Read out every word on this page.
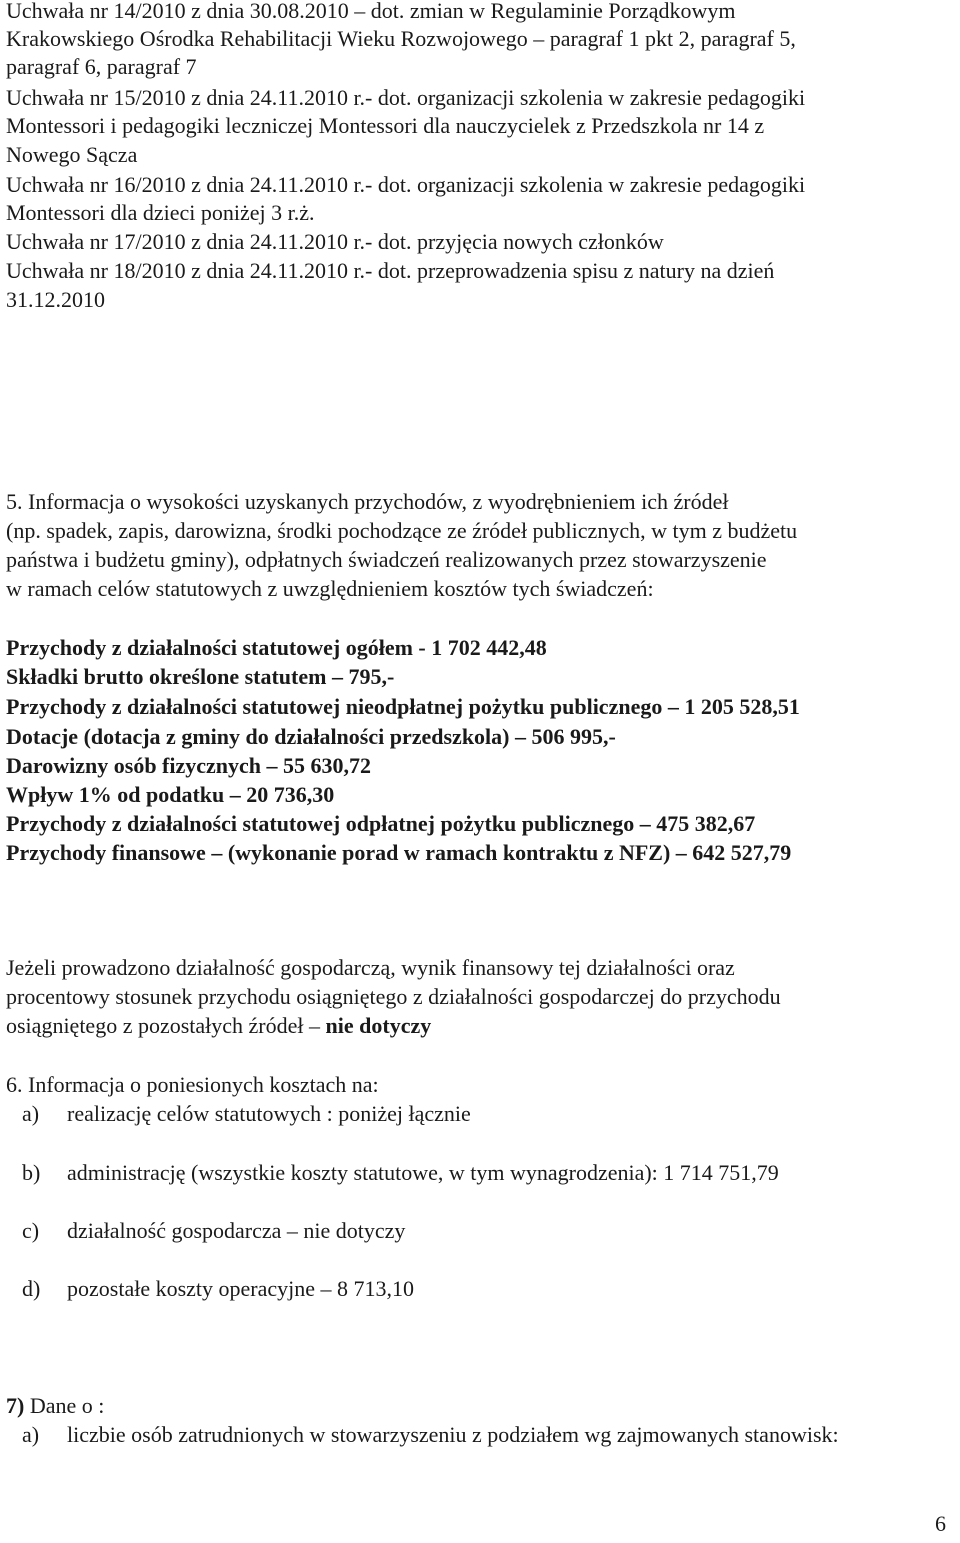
Uchwała nr 14/2010 z dnia 30.08.2010 – dot. zmian w Regulaminie Porządkowym
Krakowskiego Ośrodka Rehabilitacji Wieku Rozwojowego – paragraf 1 pkt 2, paragraf 5,
paragraf 6, paragraf 7
Uchwała nr 15/2010 z dnia 24.11.2010 r.- dot. organizacji szkolenia w zakresie pedagogiki
Montessori i pedagogiki leczniczej Montessori dla nauczycielek z Przedszkola nr 14 z
Nowego Sącza
Uchwała nr 16/2010 z dnia 24.11.2010 r.- dot. organizacji szkolenia w zakresie pedagogiki
Montessori dla dzieci poniżej 3 r.ż.
Uchwała nr 17/2010 z dnia 24.11.2010 r.- dot. przyjęcia nowych członków
Uchwała nr 18/2010 z dnia 24.11.2010 r.- dot. przeprowadzenia spisu z natury na dzień
31.12.2010
5. Informacja o wysokości uzyskanych przychodów, z wyodrębnieniem ich źródeł
(np. spadek, zapis, darowizna, środki pochodzące ze źródeł publicznych, w tym z budżetu
państwa i budżetu gminy), odpłatnych świadczeń realizowanych przez stowarzyszenie
w ramach celów statutowych z uwzględnieniem kosztów tych świadczeń:
Przychody z działalności statutowej ogółem - 1 702 442,48
Składki brutto określone statutem – 795,-
Przychody z działalności statutowej nieodpłatnej pożytku publicznego – 1 205 528,51
Dotacje (dotacja z gminy do działalności przedszkola) – 506 995,-
Darowizny osób fizycznych – 55 630,72
Wpływ 1% od podatku – 20 736,30
Przychody z działalności statutowej odpłatnej pożytku publicznego – 475 382,67
Przychody finansowe – (wykonanie porad w ramach kontraktu z NFZ) – 642 527,79
Jeżeli prowadzono działalność gospodarczą, wynik finansowy tej działalności oraz
procentowy stosunek przychodu osiągniętego z działalności gospodarczej do przychodu
osiągniętego z pozostałych źródeł – nie dotyczy
6. Informacja o poniesionych kosztach na:
a) realizację celów statutowych : poniżej łącznie
b) administrację (wszystkie koszty statutowe, w tym wynagrodzenia): 1 714 751,79
c) działalność gospodarcza – nie dotyczy
d) pozostałe koszty operacyjne – 8 713,10
7) Dane o :
a) liczbie osób zatrudnionych w stowarzyszeniu z podziałem wg zajmowanych stanowisk:
6
